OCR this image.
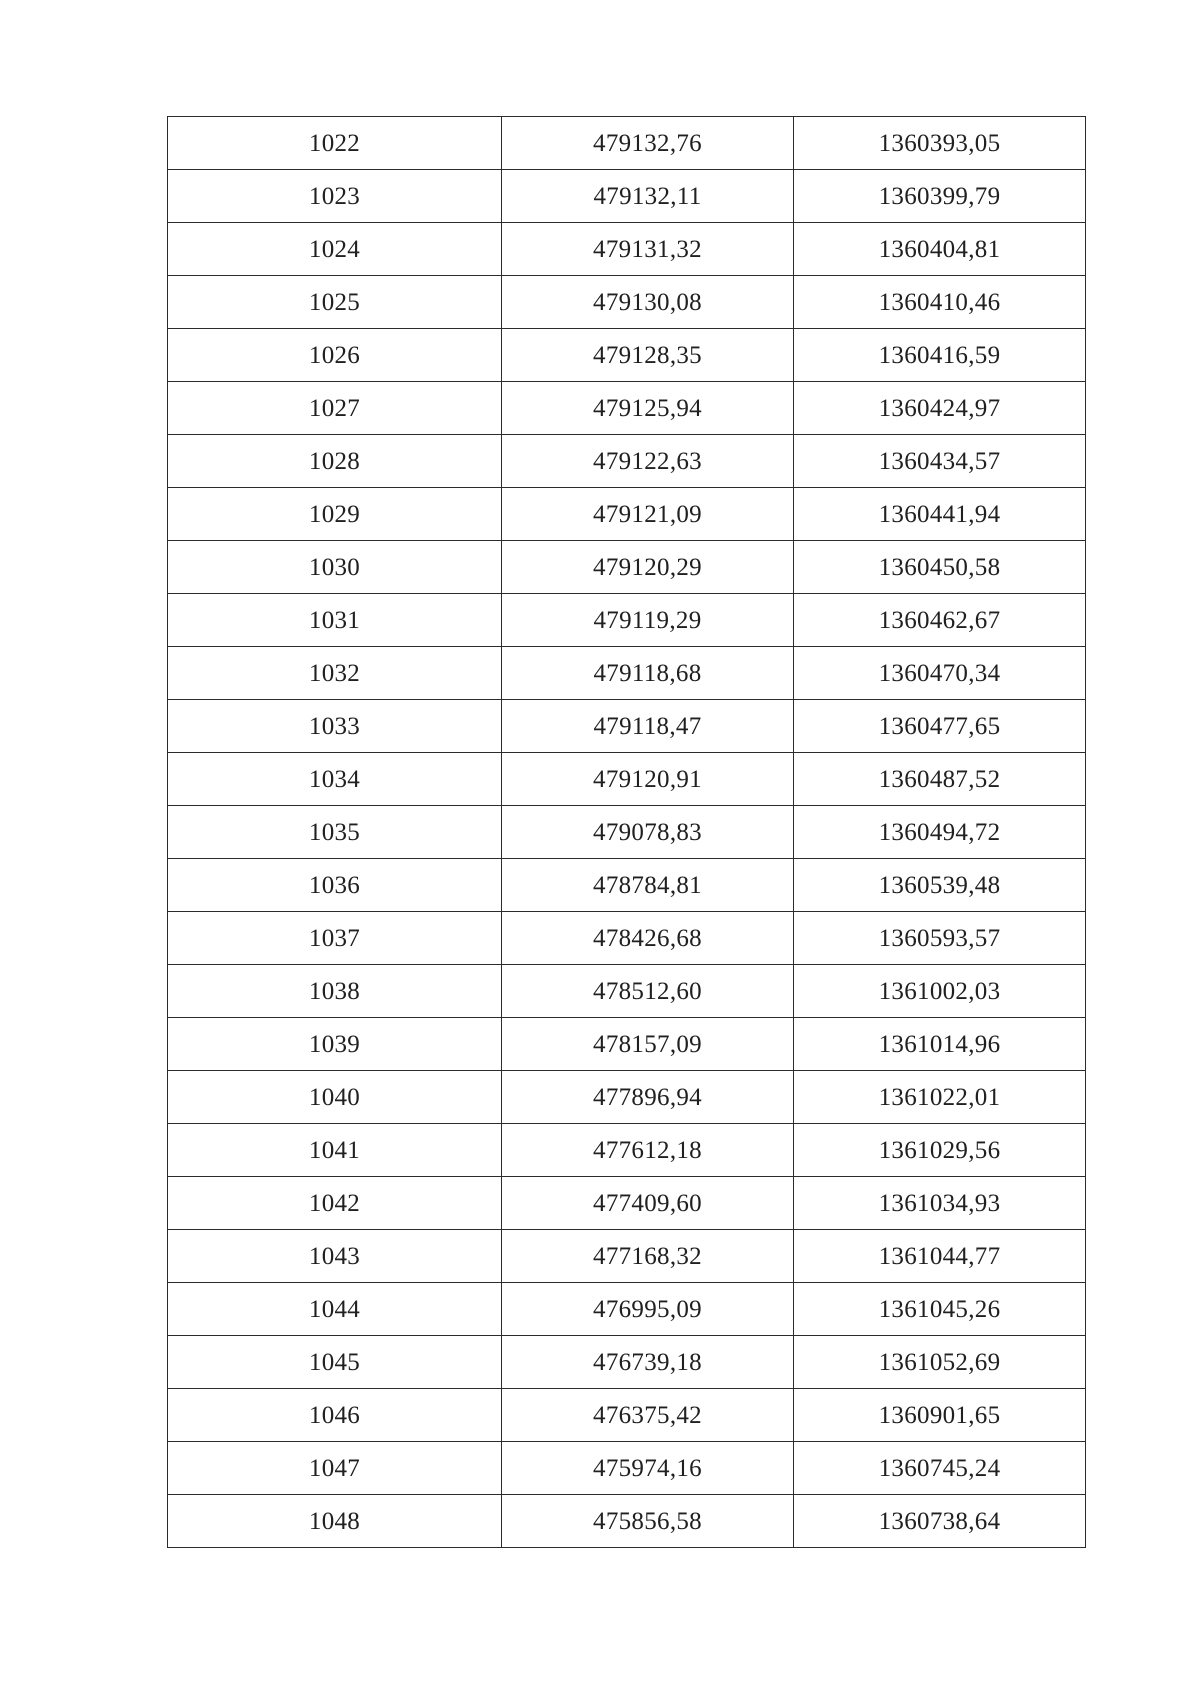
1022	479132,76	1360393,05
1023	479132,11	1360399,79
1024	479131,32	1360404,81
1025	479130,08	1360410,46
1026	479128,35	1360416,59
1027	479125,94	1360424,97
1028	479122,63	1360434,57
1029	479121,09	1360441,94
1030	479120,29	1360450,58
1031	479119,29	1360462,67
1032	479118,68	1360470,34
1033	479118,47	1360477,65
1034	479120,91	1360487,52
1035	479078,83	1360494,72
1036	478784,81	1360539,48
1037	478426,68	1360593,57
1038	478512,60	1361002,03
1039	478157,09	1361014,96
1040	477896,94	1361022,01
1041	477612,18	1361029,56
1042	477409,60	1361034,93
1043	477168,32	1361044,77
1044	476995,09	1361045,26
1045	476739,18	1361052,69
1046	476375,42	1360901,65
1047	475974,16	1360745,24
1048	475856,58	1360738,64
